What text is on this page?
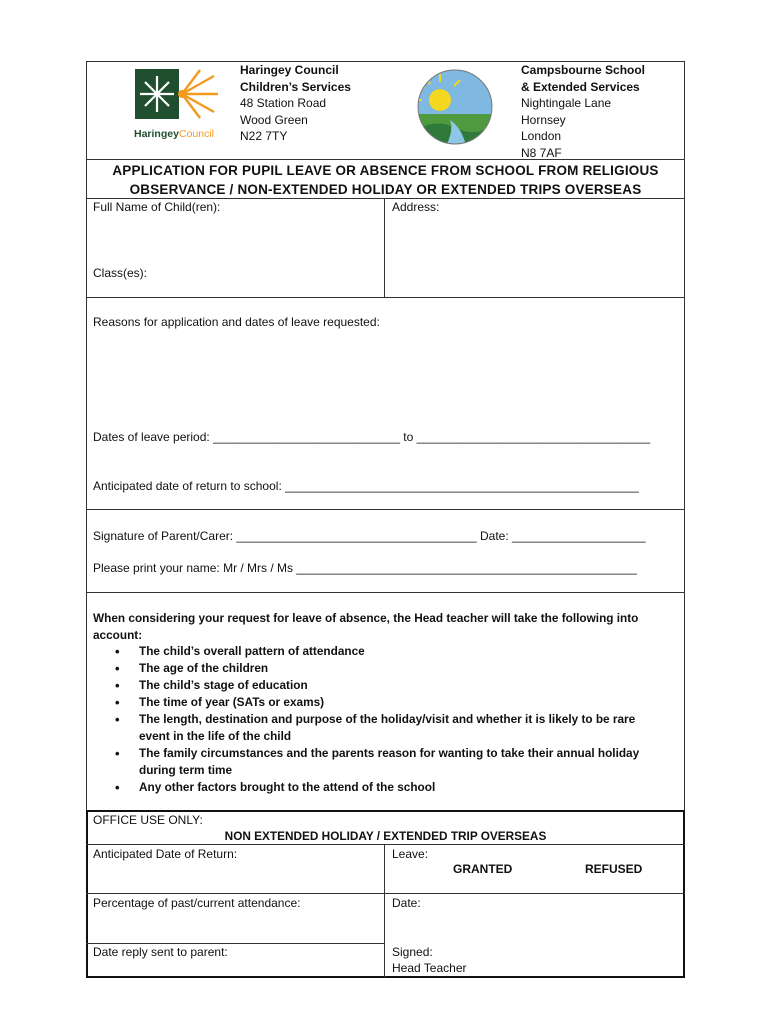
Haringey Council
Haringey Council
Children’s Services
48 Station Road
Wood Green
N22 7TY
Campsbourne School
& Extended Services
Nightingale Lane
Hornsey
London
N8 7AF
APPLICATION FOR PUPIL LEAVE OR ABSENCE FROM SCHOOL FROM RELIGIOUS
OBSERVANCE / NON-EXTENDED HOLIDAY OR EXTENDED TRIPS OVERSEAS
Full Name of Child(ren):
Class(es):
Address:
Reasons for application and dates of leave requested:
Dates of leave period: ____________________________ to ___________________________________
Anticipated date of return to school: _____________________________________________________
Signature of Parent/Carer: ____________________________________ Date: ____________________
Please print your name: Mr / Mrs / Ms ___________________________________________________
When considering your request for leave of absence, the Head teacher will take the following into
account:
• The child’s overall pattern of attendance
• The age of the children
• The child’s stage of education
• The time of year (SATs or exams)
• The length, destination and purpose of the holiday/visit and whether it is likely to be rare
event in the life of the child
• The family circumstances and the parents reason for wanting to take their annual holiday
during term time
• Any other factors brought to the attend of the school
OFFICE USE ONLY:
NON EXTENDED HOLIDAY / EXTENDED TRIP OVERSEAS
Anticipated Date of Return:	Leave:
GRANTED	REFUSED
Percentage of past/current attendance:	Date:
Date reply sent to parent:	Signed:
Head Teacher
